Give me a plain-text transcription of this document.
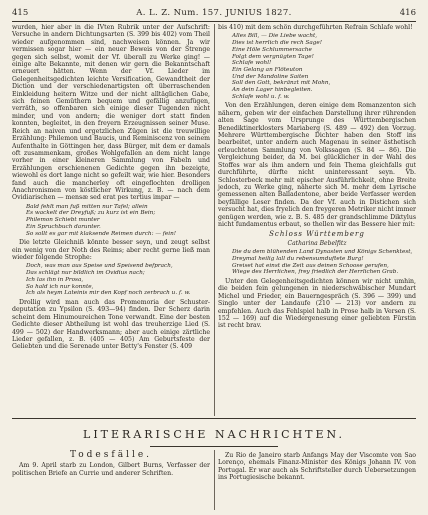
415	A. L. Z. Num. 157. JUNIUS 1827.	416

wurden, hier aber in die IVten Rubrik unter der Aufschrift: Versuche in andern Dichtungsarten (S. 399 bis 402) vom Theil wieder aufgenommen sind, nachweisen können. Ja wir vermissen sogar hier — ein neuer Beweis von der Strenge gegen sich selbst, womit der Vf. überall zu Werke ging! — einige alte Bekannte, mit denen wir gern die Bekanntschaft erneuert hätten. Wenn der Vf. Lieder im Gelegenheitsgedichten leichte Versification, Gewandtheit der Diction und der verschiedenartigsten oft überraschenden Einkleidung heitern Witze und der nicht alltäglichen Gabe, sich feinen Gemüthern bequem und gefällig anzufügen, verräth, so offenbaren sich einige dieser Tugenden nicht minder, und von andern; die weniger dort statt finden konnten, begleitet, in den freyern Erzeugnissen seiner Muse. Reich an naiven und ergetzlichen Zügen ist die treuwillige Erzählung: Philemon und Baucis, und Reminiscenz von seinem Aufenthalte in Göttingen her, dass Bürger, mit dem er damals oft zusammenkam, großes Wohlgefallen an dem nicht lange vorher in einer kleineren Sammlung von Fabeln und Erzählungen erschienenen Gedichte gegen ihn bezeigte, wiewohl es dort lange nicht so gefeilt war, wie hier. Besonders fand auch die mancherley oft eingeflochten drolligen Anachronismen von köstlicher Wirkung, z. B. — nach dem Ovidiarischen — mensæ sed erat pes tertius impar —

Bald fehlt man fuß mitten nur Tafel; allein
Es wackelt der Dreyfuß; zu kurz ist ein Bein;
Philemon Schiebt munter
Ein Spruchbuch darunter.
So sollt es gar mit klaksende Reimen durch: — fein!

Die letzte Gleichniß könnte besser seyn, und zeugt selbst ein wenig von der Noth des Reims; aber recht gerne ließ man wieder folgende Strophe:

Doch, was man aus Speise und Speisend befprach,
Das schlägt nur bildlich im Ovidius nach;
Ich las ihn in Prosa,
So hald ich nur konnte,
Ich als heym Lateinis mir den Kopf noch zerbrach u. f. w.

Drollig wird man auch das Promemoria der Schuster-deputation zu Ypsilon (S. 493—94) finden. Der Scherz darin scheint dem Hinumoureichen Tone verwandt. Eine der besten Gedichte dieser Abtheilung ist wohl das treuherzige Lied (S. 499 — 502) der Handwerksmann; aber auch einige zärtliche Lieder gefallen, z. B. (405 — 405) Am Geburtsfeste der Geliebten und die Serenade unter Betty's Fenster (S. 409

bis 410) mit dem schön durchgeführten Refrain Schlafe wohl!

Alles Bill, — Die Liebe wacht,
Dies ist herrlich die rech Sage!
Eine Höle Schlummersache
Folgt dem vergnügten Tage!
Schlafe wohl!
Ein Gelang an Flöteuton
Und der Mandoline Saiten
Soll den Gott, bekränzt mit Mohn,
An dein Lager hinbegleiten.
Schlafe wohl u. f. w.

Von den Erzählungen, deren einige dem Romanzenton sich nähern, geben wir der einfachen Darstellung ihrer rührenden alten Sage vom Ursprunge des Württembergischen Benediktinerklosters Mariaberg (S. 489 — 492) den Vorzug. Mehrere Württembergische Dichter haben den Stoff ins bearbeitet, unter andern auch Magenau in seiner ästhetisch erleuchteten Sammlung von Volkssagen (S. 84 — 86). Die Vergleichung beider, da M. bei glücklicher in der Wahl des Stoffes war als ihm andern und fein Thema gleichfalls gut durchführte, dürfte nicht uninteressant seyn. Vb. Schlosterbeck mehr mit epischer Ausführlichkeit, ohne Breite jedoch, zu Werke ging, näherte sich M. mehr dem Lyrische gemessenen alten Balladentone, aber beide Verfasser werden beyfällige Leser finden. Da der Vf. auch in Distichen sich versucht hat, dies fryelich den freygeren Metriker nicht immer genügen werden, wie z. B. S. 485 der grandschlimme Diktylus nicht fundamentus erbaut, so thellen wir das Bessere hier mit:

Schloss Württemberg
Catharina Bebelfitz
Die du dem blühenden Land Dynasten und Königs Schenktest,
Dreymal heilig lall du rebensumduftete Burg!
Greiset hat einst die Zeit aus deinen Schoose gerufen,
Wiege des Herrlichen, frey friedlich der Herrlichen Grab.

Unter den Gelegenheitsgedichten können wir nicht umhin, die beiden fein gelungenen in niederschwäbischer Mundart Michel und Frieder, ein Bauerngespräch (S. 396 — 399) und Singlo unter der Landaufe (210 — 213) vor andern zu empfehlen. Auch das Fehlspiel halb in Prose halb in Versen (S. 152 — 169) auf die Wiedergenesung einer geliebten Fürstin ist recht brav.

LITERARISCHE NACHRICHTEN.
Todesfälle.

Am 9. April starb zu London, Gilbert Burns, Verfasser der politischen Briefe an Currie und anderer Schriften.

Zu Rio de Janeiro starb Anfangs May der Viscomte von Sao Lorenço, ehemals Finanz-Minister des Königs Johann IV. von Portugal. Er war auch als Schriftsteller durch Uebersetzungen ins Portugiesische bekannt.
